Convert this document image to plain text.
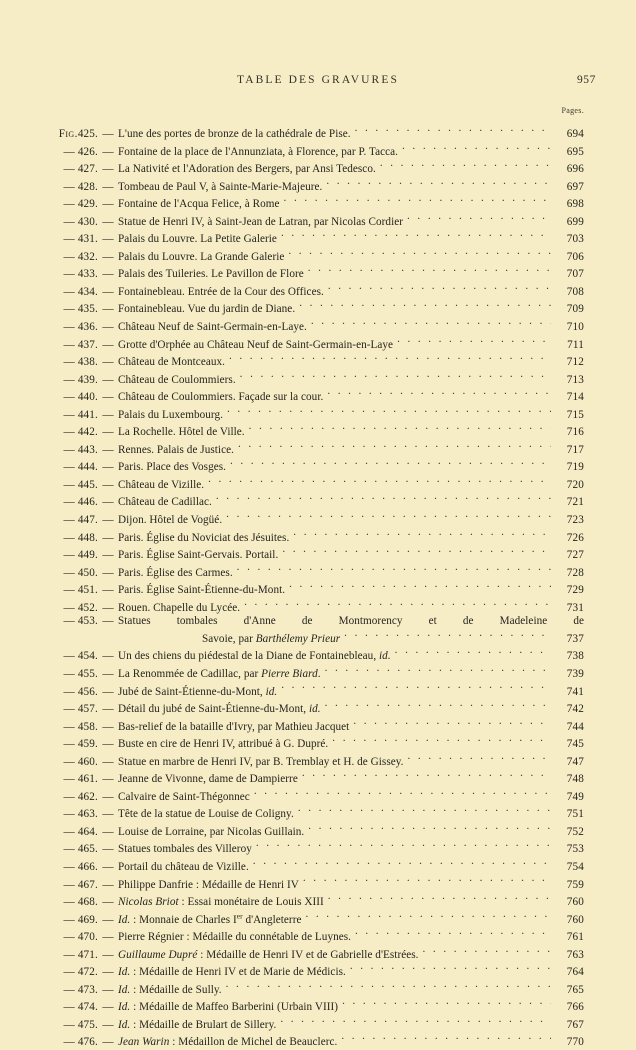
TABLE DES GRAVURES	957
Pages.
Fig.425. — L'une des portes de bronze de la cathédrale de Pise. . . .	694
— 426. — Fontaine de la place de l'Annunziata, à Florence, par P. Tacca. . . .	695
— 427. — La Nativité et l'Adoration des Bergers, par Ansi Tedesco. . . .	696
— 428. — Tombeau de Paul V, à Sainte-Marie-Majeure. . . .	697
— 429. — Fontaine de l'Acqua Felice, à Rome . . .	698
— 430. — Statue de Henri IV, à Saint-Jean de Latran, par Nicolas Cordier . . .	699
— 431. — Palais du Louvre. La Petite Galerie . . .	703
— 432. — Palais du Louvre. La Grande Galerie . . .	706
— 433. — Palais des Tuileries. Le Pavillon de Flore . . .	707
— 434. — Fontainebleau. Entrée de la Cour des Offices. . . .	708
— 435. — Fontainebleau. Vue du jardin de Diane. . . .	709
— 436. — Château Neuf de Saint-Germain-en-Laye. . . .	710
— 437. — Grotte d'Orphée au Château Neuf de Saint-Germain-en-Laye . . .	711
— 438. — Château de Montceaux. . . .	712
— 439. — Château de Coulommiers. . . .	713
— 440. — Château de Coulommiers. Façade sur la cour. . . .	714
— 441. — Palais du Luxembourg. . . .	715
— 442. — La Rochelle. Hôtel de Ville. . . .	716
— 443. — Rennes. Palais de Justice. . . .	717
— 444. — Paris. Place des Vosges. . . .	719
— 445. — Château de Vizille. . . .	720
— 446. — Château de Cadillac. . . .	721
— 447. — Dijon. Hôtel de Vogüé. . . .	723
— 448. — Paris. Église du Noviciat des Jésuites. . . .	726
— 449. — Paris. Église Saint-Gervais. Portail. . . .	727
— 450. — Paris. Église des Carmes. . . .	728
— 451. — Paris. Église Saint-Étienne-du-Mont. . . .	729
— 452. — Rouen. Chapelle du Lycée. . . .	731
— 453. — Statues tombales d'Anne de Montmorency et de Madeleine de
Savoie, par Barthélemy Prieur . . .	737
— 454. — Un des chiens du piédestal de la Diane de Fontainebleau, id. . . .	738
— 455. — La Renommée de Cadillac, par Pierre Biard. . . .	739
— 456. — Jubé de Saint-Étienne-du-Mont, id. . . .	741
— 457. — Détail du jubé de Saint-Étienne-du-Mont, id. . . .	742
— 458. — Bas-relief de la bataille d'Ivry, par Mathieu Jacquet . . .	744
— 459. — Buste en cire de Henri IV, attribué à G. Dupré. . . .	745
— 460. — Statue en marbre de Henri IV, par B. Tremblay et H. de Gissey. . . .	747
— 461. — Jeanne de Vivonne, dame de Dampierre . . .	748
— 462. — Calvaire de Saint-Thégonnec . . .	749
— 463. — Tête de la statue de Louise de Coligny. . . .	751
— 464. — Louise de Lorraine, par Nicolas Guillain. . . .	752
— 465. — Statues tombales des Villeroy . . .	753
— 466. — Portail du château de Vizille. . . .	754
— 467. — Philippe Danfrie : Médaille de Henri IV . . .	759
— 468. — Nicolas Briot : Essai monétaire de Louis XIII . . .	760
— 469. — Id. : Monnaie de Charles Ier d'Angleterre . . .	760
— 470. — Pierre Régnier : Médaille du connétable de Luynes. . . .	761
— 471. — Guillaume Dupré : Médaille de Henri IV et de Gabrielle d'Estrées. . . .	763
— 472. — Id. : Médaille de Henri IV et de Marie de Médicis. . . .	764
— 473. — Id. : Médaille de Sully. . . .	765
— 474. — Id. : Médaille de Maffeo Barberini (Urbain VIII) . . .	766
— 475. — Id. : Médaille de Brulart de Sillery. . . .	767
— 476. — Jean Warin : Médaillon de Michel de Beauclerc. . . .	770
